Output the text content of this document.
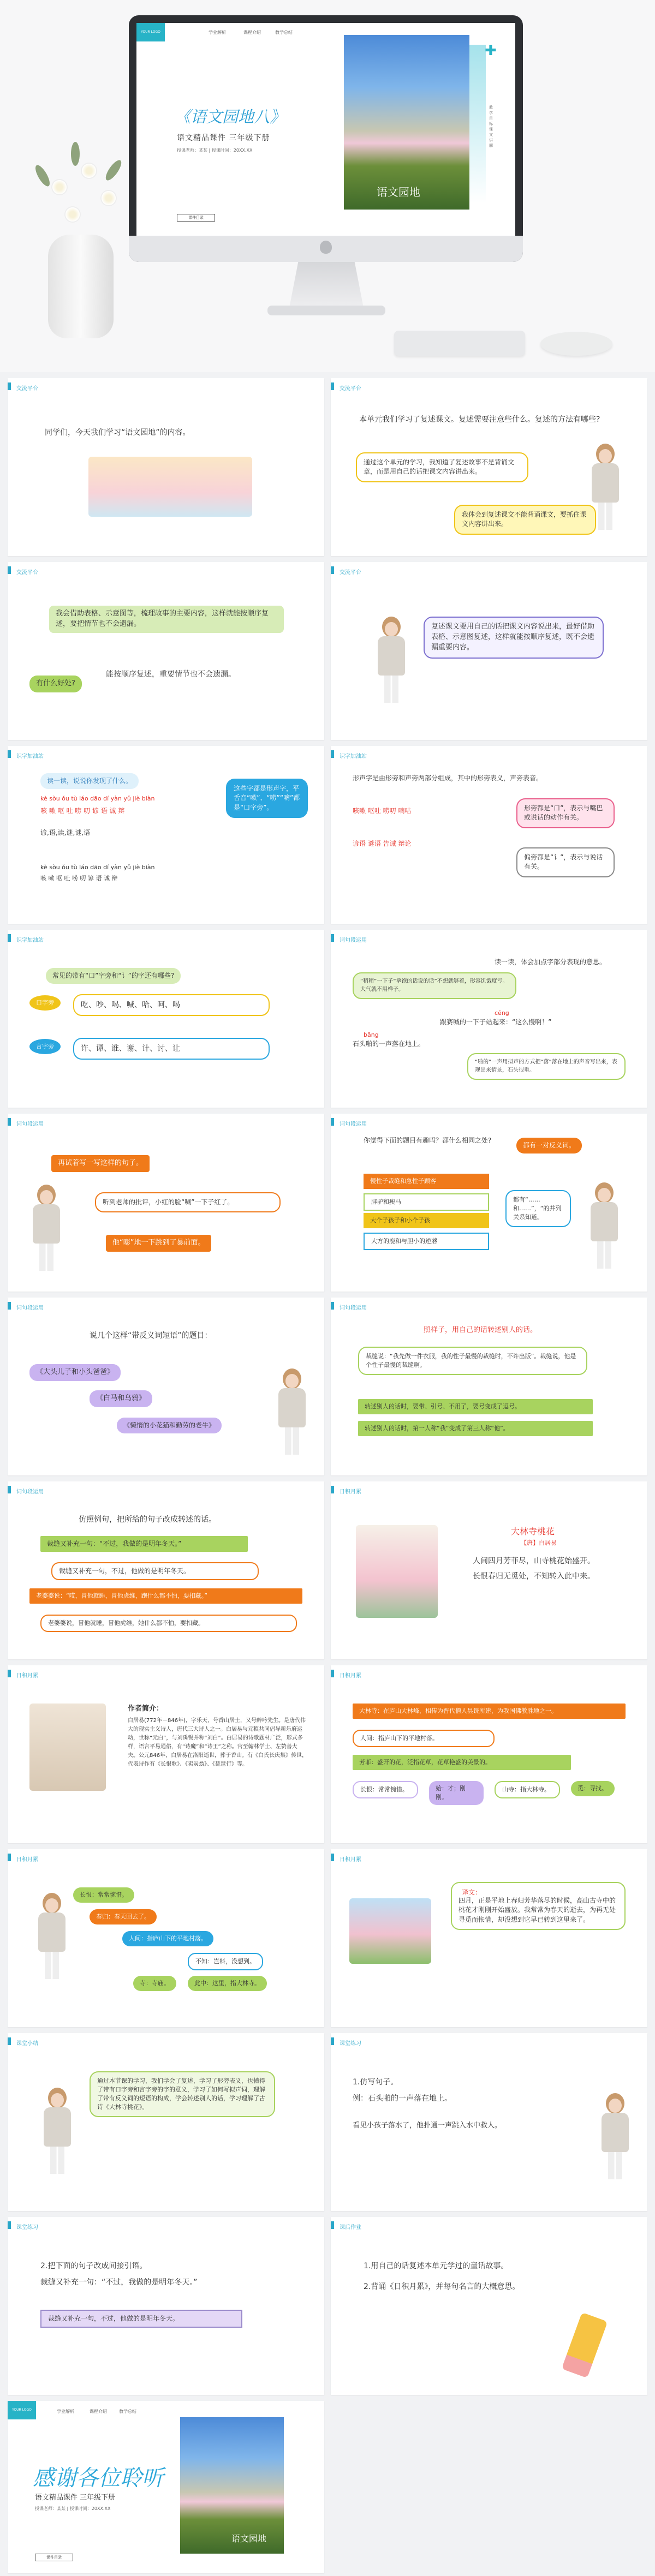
YOUR LOGO	学业解析	课程介绍	教学总结
《语文园地八》
语文精品课件 三年级下册
授课老师：某某 | 授课时间：20XX.XX
课件目录
语文园地
✚
教学目标课文讲解
交流平台
同学们，今天我们学习“语文园地”的内容。
交流平台
本单元我们学习了复述课文。复述需要注意些什么。复述的方法有哪些?
通过这个单元的学习，我知道了复述故事不是背诵文章，而是用自己的话把课文内容讲出来。
我体会到复述课文不能背诵课文，要抓住课文内容讲出来。
交流平台
我会借助表格、示意图等，梳理故事的主要内容，这样就能按顺序复述，要把情节也不会遗漏。
有什么好处?
能按顺序复述，重要情节也不会遗漏。
交流平台
复述课文要用自己的话把课文内容说出来，最好借助表格、示意图复述，这样就能按顺序复述，既不会遗漏重要内容。
识字加油站
读一读，说说你发现了什么。
kè sòu ǒu tù láo dāo dí yàn yǔ jiè biàn
咳 嗽 呕 吐 唠 叨 谚 语 诚 辩
谚,语,读,谜,谜,语
kè sòu ǒu tù láo dāo dí yàn yǔ jiè biàn
咳 嗽 呕 吐 唠 叨 谚 语 诚 辩
这些字都是形声字，平舌音“嗽”、“唠”“嘀”都是“口字旁”。
识字加油站
形声字是由形旁和声旁两部分组成，其中的形旁表义，声旁表音。
咳嗽 呕吐 唠叨 嘀咕
谚语 谜语 告诫 辩论
形旁都是“口”，表示与嘴巴或说话的动作有关。
偏旁都是“讠”，表示与说话有关。
识字加油站
常见的带有“口”字旁和“讠”的字还有哪些?
口字旁	吃、吵、喝、喊、哈、呵、喝
言字旁	许、谭、谁、谢、计、讨、让
词句段运用
读一读，体会加点字部分表现的意思。
“稍稍”一下子“拿饱的话说的话”不想就够着，形容饥饿度亏。大气就不用样子。
cēng
跟赛喊的一下子站起来：“这么慢啊！”
bāng
石头啪的一声落在地上。
“啪的”一声用拟声的方式把“落”落在地上的声音写出来，表现出来情景，石头很重。
词句段运用
再试着写一写这样的句子。
听到老师的批评，小红的脸“唰”一下子红了。
他“嘭”地一下跳到了暴前面。
词句段运用
你觉得下面的题目有趣吗？都什么相同之处?
都有一对反义词。
慢性子裁缝和急性子顾客
胖驴和瘦马
大个子孩子和小个子孩
大方的鹿和与胆小的逆蘑
都有“……和……”，“的并列关系知道。
词句段运用
说几个这样“带反义词短语”的题目：
《大头儿子和小头爸爸》
《白马和乌鸦》
《懒惰的小花猫和勤劳的老牛》
词句段运用
照样子，用自己的话转述别人的话。
裁缝说：“我先做一件衣服，我的性子最慢的裁缝时，不许出版”。裁缝说，他是个性子最慢的裁缝啊。
转述别人的话时，要带、引号、不用了，要号变成了逗号。
转述别人的话时，第一人称“我”变成了第三人称“他”。
词句段运用
仿照例句，把所给的句子改成转述的话。
裁缝又补充一句：“不过，我做的是明年冬天。”
裁缝又补充一句，不过，他做的是明年冬天。
老婆婆说：“哎，冒他就睡，冒他虎维，跑什么都不怕，要扣藏。”
老婆婆说，冒他就睡，冒他虎维，她什么都不怕，要扣藏。
日积月累
大林寺桃花
【唐】白居易
人间四月芳菲尽，山寺桃花始盛开。
长恨春归无觅处，不知转入此中来。
日积月累
作者简介：
白居易(772年－846年)，字乐天，号香山居士，又号醉吟先生。是唐代伟大的现实主义诗人，唐代三大诗人之一。白居易与元稹共同倡导新乐府运动，世称“元白”，与刘禹锡并称“刘白”。白居易的诗歌题材广泛，形式多样，语言平易通俗，有“诗魔”和“诗王”之称。官至翰林学士、左赞善大夫。公元846年，白居易在洛阳逝世，葬于香山。有《白氏长庆集》传世，代表诗作有《长恨歌》、《卖炭翁》、《琵琶行》等。
日积月累
大林寺：在庐山大林峰，相传为晋代僧人昙诜所建，为我国佛教胜地之一。
人间：指庐山下的平地村落。
芳菲：盛开的花，泛指花草，花草艳盛的美景的。
长恨：常常惋惜。	始：才；刚刚。
山寺：指大林寺。	觅：寻找。
日积月累
长恨：常常惋惜。
春归：春天回去了。
人间：指庐山下的平地村落。
不知：岂料，没想到。
寺：寺庙。	此中：这里，指大林寺。
日积月累
译文：
四月，正是平地上春归芳华落尽的时候，高山古寺中的桃花才刚刚开始盛放。我常常为春天的逝去，为再无处寻觅而怅惜，却没想到它早已转到这里来了。
课堂小结
通过本节课的学习，我们学会了复述，学习了形旁表义，也懂得了带有口字旁和言字旁的字的意义，学习了如何写拟声词，理解了带有反义词的短语的构成，学会转述别人的话，学习理解了古诗《大林寺桃花》。
课堂练习
1.仿写句子。
例：石头啪的一声落在地上。
看见小孩子落水了，他扑通一声跳入水中救人。
课堂练习
2.把下面的句子改成间接引语。
裁缝又补充一句：“不过，我做的是明年冬天。”
裁缝又补充一句，不过，他做的是明年冬天。
课后作业
1.用自己的话复述本单元学过的童话故事。
2.背诵《日积月累》，并每句名言的大概意思。
YOUR LOGO	学业解析	课程介绍	教学总结
感谢各位聆听
语文精品课件 三年级下册
授课老师：某某 | 授课时间：20XX.XX
课件目录
语文园地
